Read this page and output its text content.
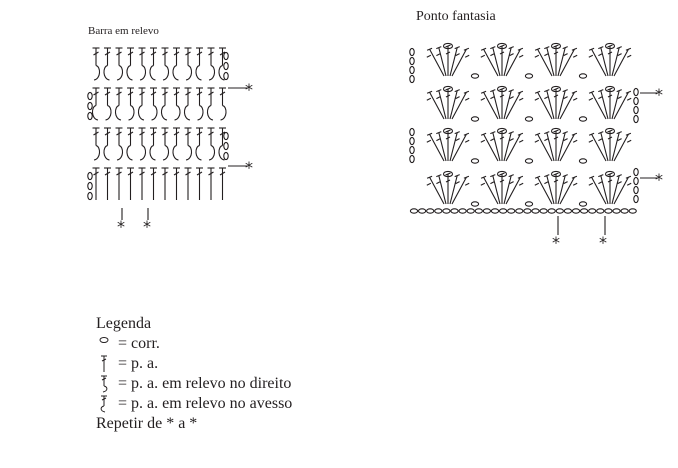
Barra em relevo
Ponto fantasia
*
*
* *
*
*
* *
Legenda
= corr.
= p. a.
= p. a. em relevo no direito
= p. a. em relevo no avesso
Repetir de * a *
